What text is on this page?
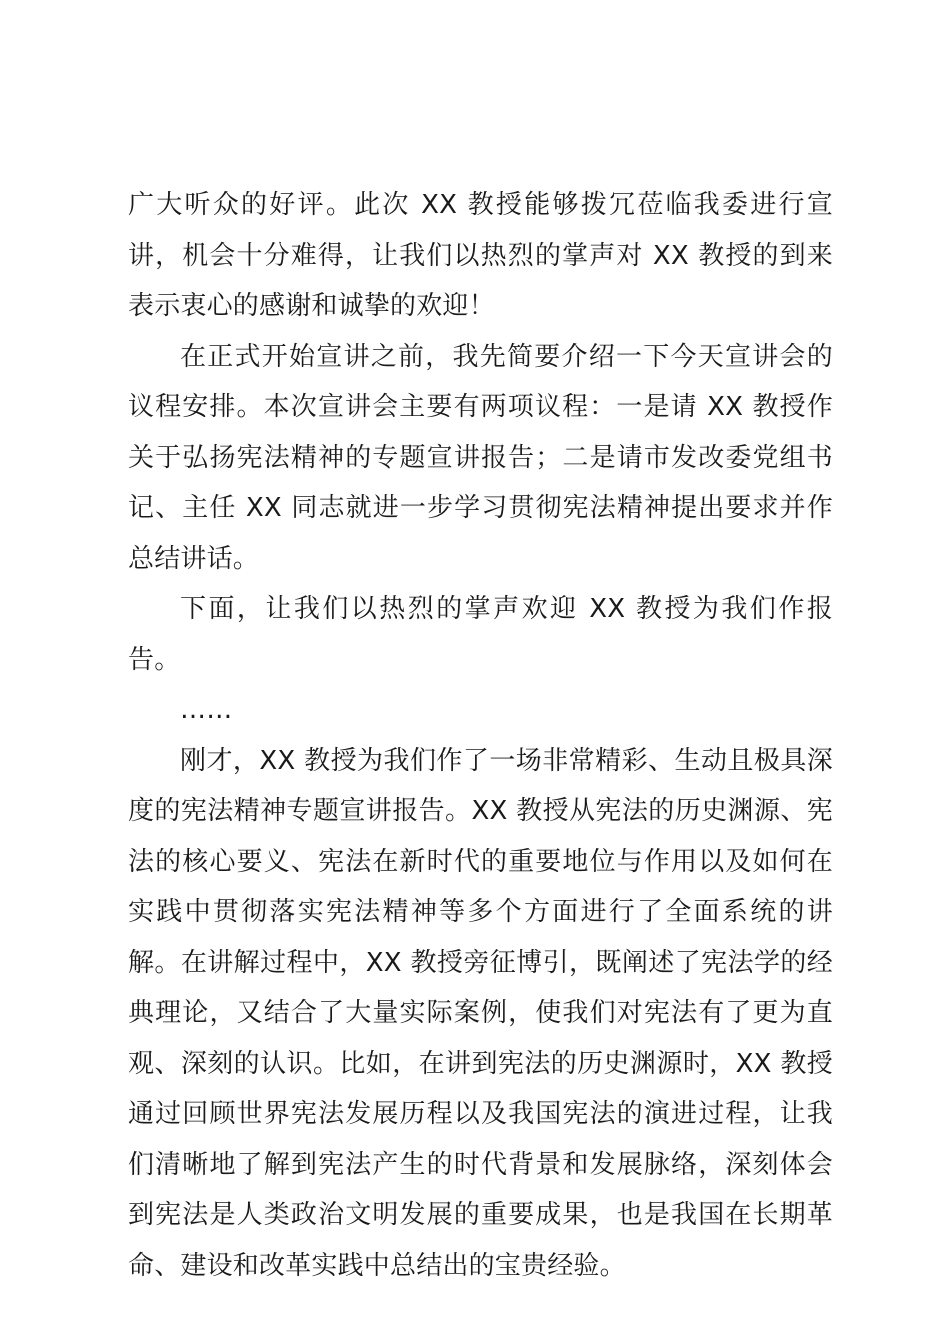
广大听众的好评。此次 XX 教授能够拨冗莅临我委进行宣讲，机会十分难得，让我们以热烈的掌声对 XX 教授的到来表示衷心的感谢和诚挚的欢迎！

在正式开始宣讲之前，我先简要介绍一下今天宣讲会的议程安排。本次宣讲会主要有两项议程：一是请 XX 教授作关于弘扬宪法精神的专题宣讲报告；二是请市发改委党组书记、主任 XX 同志就进一步学习贯彻宪法精神提出要求并作总结讲话。

下面，让我们以热烈的掌声欢迎 XX 教授为我们作报告。

……

刚才，XX 教授为我们作了一场非常精彩、生动且极具深度的宪法精神专题宣讲报告。XX 教授从宪法的历史渊源、宪法的核心要义、宪法在新时代的重要地位与作用以及如何在实践中贯彻落实宪法精神等多个方面进行了全面系统的讲解。在讲解过程中，XX 教授旁征博引，既阐述了宪法学的经典理论，又结合了大量实际案例，使我们对宪法有了更为直观、深刻的认识。比如，在讲到宪法的历史渊源时，XX 教授通过回顾世界宪法发展历程以及我国宪法的演进过程，让我们清晰地了解到宪法产生的时代背景和发展脉络，深刻体会到宪法是人类政治文明发展的重要成果，也是我国在长期革命、建设和改革实践中总结出的宝贵经验。
